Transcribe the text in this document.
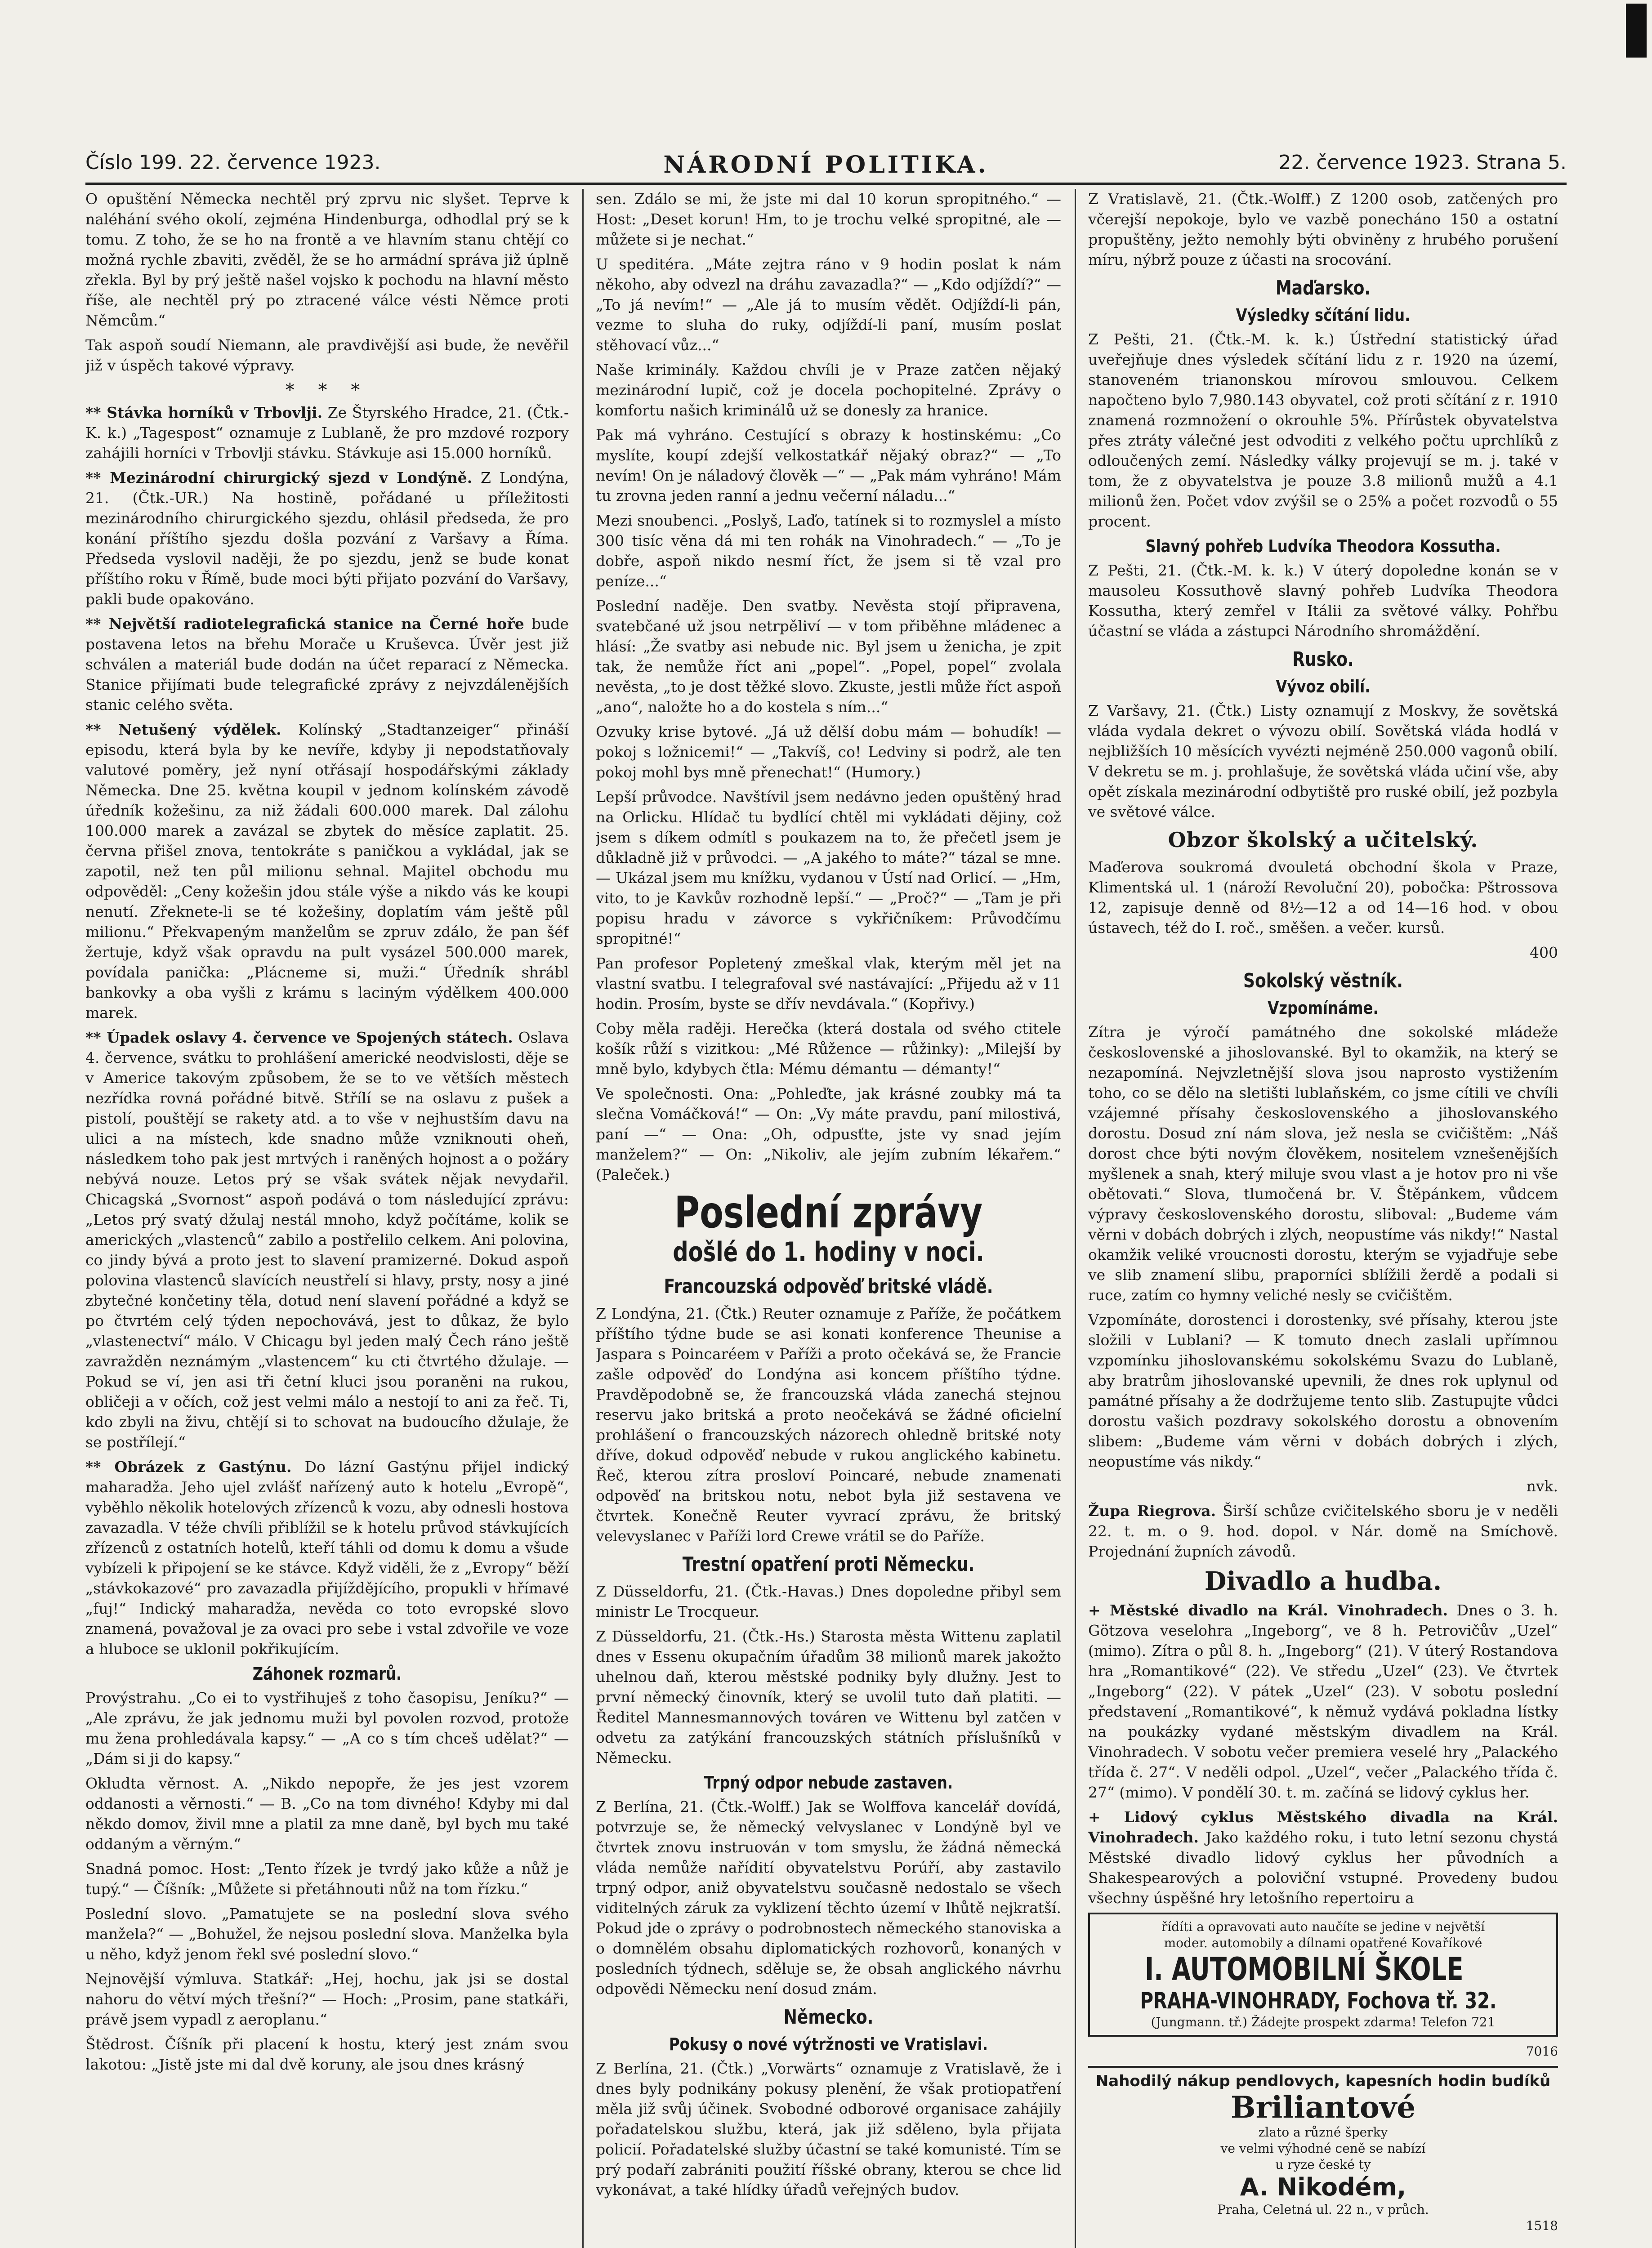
Číslo 199. 22. července 1923.	NÁRODNÍ POLITIKA.	22. července 1923. Strana 5.

O opuštění Německa nechtěl prý zprvu nic slyšet. Teprve k naléhání svého okolí, zejména Hindenburga, odhodlal prý se k tomu. Z toho, že se ho na frontě a ve hlavním stanu chtějí co možná rychle zbaviti, zvěděl, že se ho armádní správa již úplně zřekla. Byl by prý ještě našel vojsko k pochodu na hlavní město říše, ale nechtěl prý po ztracené válce vésti Němce proti Němcům.“

Tak aspoň soudí Niemann, ale pravdivější asi bude, že nevěřil již v úspěch takové výpravy.

* * *

** Stávka horníků v Trbovlji. Ze Štyrského Hradce, 21. (Čtk.-K. k.) „Tagespost“ oznamuje z Lublaně, že pro mzdové rozpory zahájili horníci v Trbovlji stávku. Stávkuje asi 15.000 horníků.

** Mezinárodní chirurgický sjezd v Londýně. Z Londýna, 21. (Čtk.-UR.) Na hostině, pořádané u příležitosti mezinárodního chirurgického sjezdu, ohlásil předseda, že pro konání příštího sjezdu došla pozvání z Varšavy a Říma. Předseda vyslovil naději, že po sjezdu, jenž se bude konat příštího roku v Římě, bude moci býti přijato pozvání do Varšavy, pakli bude opakováno.

** Největší radiotelegrafická stanice na Černé hoře bude postavena letos na břehu Morače u Kruševca. Úvěr jest již schválen a materiál bude dodán na účet reparací z Německa. Stanice přijímati bude telegrafické zprávy z nejvzdálenějších stanic celého světa.

** Netušený výdělek. Kolínský „Stadtanzeiger“ přináší episodu, která byla by ke nevíře, kdyby ji nepodstatňovaly valutové poměry, jež nyní otřásají hospodářskými základy Německa. Dne 25. května koupil v jednom kolínském závodě úředník kožešinu, za niž žádali 600.000 marek. Dal zálohu 100.000 marek a zavázal se zbytek do měsíce zaplatit. 25. června přišel znova, tentokráte s paničkou a vykládal, jak se zapotil, než ten půl milionu sehnal. Majitel obchodu mu odpověděl: „Ceny kožešin jdou stále výše a nikdo vás ke koupi nenutí. Zřeknete-li se té kožešiny, doplatím vám ještě půl milionu.“ Překvapeným manželům se zpruv zdálo, že pan šéf žertuje, když však opravdu na pult vysázel 500.000 marek, povídala panička: „Plácneme si, muži.“ Úředník shrábl bankovky a oba vyšli z krámu s laciným výdělkem 400.000 marek.

** Úpadek oslavy 4. července ve Spojených státech. Oslava 4. července, svátku to prohlášení americké neodvislosti, děje se v Americe takovým způsobem, že se to ve větších městech nezřídka rovná pořádné bitvě. Střílí se na oslavu z pušek a pistolí, pouštějí se rakety atd. a to vše v nejhustším davu na ulici a na místech, kde snadno může vzniknouti oheň, následkem toho pak jest mrtvých i raněných hojnost a o požáry nebývá nouze. Letos prý se však svátek nějak nevydařil. Chicagská „Svornost“ aspoň podává o tom následující zprávu: „Letos prý svatý džulaj nestál mnoho, když počítáme, kolik se amerických „vlastenců“ zabilo a postřelilo celkem. Ani polovina, co jindy bývá a proto jest to slavení pramizerné. Dokud aspoň polovina vlastenců slavících neustřelí si hlavy, prsty, nosy a jiné zbytečné končetiny těla, dotud není slavení pořádné a když se po čtvrtém celý týden nepochovává, jest to důkaz, že bylo „vlastenectví“ málo. V Chicagu byl jeden malý Čech ráno ještě zavražděn neznámým „vlastencem“ ku cti čtvrtého džulaje. — Pokud se ví, jen asi tři četní kluci jsou poraněni na rukou, obličeji a v očích, což jest velmi málo a nestojí to ani za řeč. Ti, kdo zbyli na živu, chtějí si to schovat na budoucího džulaje, že se postřílejí.“

** Obrázek z Gastýnu. Do lázní Gastýnu přijel indický maharadža. Jeho ujel zvlášť nařízený auto k hotelu „Evropě“, vyběhlo několik hotelových zřízenců k vozu, aby odnesli hostova zavazadla. V téže chvíli přiblížil se k hotelu průvod stávkujících zřízenců z ostatních hotelů, kteří táhli od domu k domu a všude vybízeli k připojení se ke stávce. Když viděli, že z „Evropy“ běží „stávkokazové“ pro zavazadla přijíždějícího, propukli v hřímavé „fuj!“ Indický maharadža, nevěda co toto evropské slovo znamená, považoval je za ovaci pro sebe i vstal zdvořile ve voze a hluboce se uklonil pokřikujícím.

Záhonek rozmarů.

Provýstrahu. „Co ei to vystřihuješ z toho časopisu, Jeníku?“ — „Ale zprávu, že jak jednomu muži byl povolen rozvod, protože mu žena prohledávala kapsy.“ — „A co s tím chceš udělat?“ — „Dám si ji do kapsy.“

Okludta věrnost. A. „Nikdo nepopře, že jes jest vzorem oddanosti a věrnosti.“ — B. „Co na tom divného! Kdyby mi dal někdo domov, živil mne a platil za mne daně, byl bych mu také oddaným a věrným.“

Snadná pomoc. Host: „Tento řízek je tvrdý jako kůže a nůž je tupý.“ — Číšník: „Můžete si přetáhnouti nůž na tom řízku.“

Poslední slovo. „Pamatujete se na poslední slova svého manžela?“ — „Bohužel, že nejsou poslední slova. Manželka byla u něho, když jenom řekl své poslední slovo.“

Nejnovější výmluva. Statkář: „Hej, hochu, jak jsi se dostal nahoru do větví mých třešní?“ — Hoch: „Prosim, pane statkáři, právě jsem vypadl z aeroplanu.“

Štědrost. Číšník při placení k hostu, který jest znám svou lakotou: „Jistě jste mi dal dvě koruny, ale jsou dnes krásný

sen. Zdálo se mi, že jste mi dal 10 korun spropitného.“ — Host: „Deset korun! Hm, to je trochu velké spropitné, ale — můžete si je nechat.“

U speditéra. „Máte zejtra ráno v 9 hodin poslat k nám někoho, aby odvezl na dráhu zavazadla?“ — „Kdo odjíždí?“ — „To já nevím!“ — „Ale já to musím vědět. Odjíždí-li pán, vezme to sluha do ruky, odjíždí-li paní, musím poslat stěhovací vůz...“

Naše kriminály. Každou chvíli je v Praze zatčen nějaký mezinárodní lupič, což je docela pochopitelné. Zprávy o komfortu našich kriminálů už se donesly za hranice.

Pak má vyhráno. Cestující s obrazy k hostinskému: „Co myslíte, koupí zdejší velkostatkář nějaký obraz?“ — „To nevím! On je náladový člověk —“ — „Pak mám vyhráno! Mám tu zrovna jeden ranní a jednu večerní náladu...“

Mezi snoubenci. „Poslyš, Laďo, tatínek si to rozmyslel a místo 300 tisíc věna dá mi ten rohák na Vinohradech.“ — „To je dobře, aspoň nikdo nesmí říct, že jsem si tě vzal pro peníze...“

Poslední naděje. Den svatby. Nevěsta stojí připravena, svatebčané už jsou netrpěliví — v tom přiběhne mládenec a hlásí: „Že svatby asi nebude nic. Byl jsem u ženicha, je zpit tak, že nemůže říct ani „popel“. „Popel, popel“ zvolala nevěsta, „to je dost těžké slovo. Zkuste, jestli může říct aspoň „ano“, naložte ho a do kostela s ním...“

Ozvuky krise bytové. „Já už dělší dobu mám — bohudík! — pokoj s ložnicemi!“ — „Takvíš, co! Ledviny si podrž, ale ten pokoj mohl bys mně přenechat!“ (Humory.)

Lepší průvodce. Navštívil jsem nedávno jeden opuštěný hrad na Orlicku. Hlídač tu bydlící chtěl mi vykládati dějiny, což jsem s díkem odmítl s poukazem na to, že přečetl jsem je důkladně již v průvodci. — „A jakého to máte?“ tázal se mne. — Ukázal jsem mu knížku, vydanou v Ústí nad Orlicí. — „Hm, vito, to je Kavkův rozhodně lepší.“ — „Proč?“ — „Tam je při popisu hradu v závorce s vykřičníkem: Průvodčímu spropitné!“

Pan profesor Popletený zmeškal vlak, kterým měl jet na vlastní svatbu. I telegrafoval své nastávající: „Přijedu až v 11 hodin. Prosím, byste se dřív nevdávala.“ (Kopřivy.)

Coby měla raději. Herečka (která dostala od svého ctitele košík růží s vizitkou: „Mé Růžence — růžinky): „Milejší by mně bylo, kdybych čtla: Mému démantu — démanty!“

Ve společnosti. Ona: „Pohleďte, jak krásné zoubky má ta slečna Vomáčková!“ — On: „Vy máte pravdu, paní milostivá, paní —“ — Ona: „Oh, odpusťte, jste vy snad jejím manželem?“ — On: „Nikoliv, ale jejím zubním lékařem.“ (Paleček.)

Poslední zprávy
došlé do 1. hodiny v noci.
Francouzská odpověď britské vládě.

Z Londýna, 21. (Čtk.) Reuter oznamuje z Paříže, že počátkem příštího týdne bude se asi konati konference Theunise a Jaspara s Poincaréem v Paříži a proto očekává se, že Francie zašle odpověď do Londýna asi koncem příštího týdne. Pravděpodobně se, že francouzská vláda zanechá stejnou reservu jako britská a proto neočekává se žádné oficielní prohlášení o francouzských názorech ohledně britské noty dříve, dokud odpověď nebude v rukou anglického kabinetu. Řeč, kterou zítra prosloví Poincaré, nebude znamenati odpověď na britskou notu, nebot byla již sestavena ve čtvrtek. Konečně Reuter vyvrací zprávu, že britský velevyslanec v Paříži lord Crewe vrátil se do Paříže.

Trestní opatření proti Německu.

Z Düsseldorfu, 21. (Čtk.-Havas.) Dnes dopoledne přibyl sem ministr Le Trocqueur.

Z Düsseldorfu, 21. (Čtk.-Hs.) Starosta města Wittenu zaplatil dnes v Essenu okupačním úřadům 38 milionů marek jakožto uhelnou daň, kterou městské podniky byly dlužny. Jest to první německý činovník, který se uvolil tuto daň platiti. — Ředitel Mannesmannových továren ve Wittenu byl zatčen v odvetu za zatýkání francouzských státních příslušníků v Německu.

Trpný odpor nebude zastaven.

Z Berlína, 21. (Čtk.-Wolff.) Jak se Wolffova kancelář dovídá, potvrzuje se, že německý velvyslanec v Londýně byl ve čtvrtek znovu instruován v tom smyslu, že žádná německá vláda nemůže nařídití obyvatelstvu Porúří, aby zastavilo trpný odpor, aniž obyvatelstvu současně nedostalo se všech viditelných záruk za vyklizení těchto území v lhůtě nejkratší. Pokud jde o zprávy o podrobnostech německého stanoviska a o domnělém obsahu diplomatických rozhovorů, konaných v posledních týdnech, sděluje se, že obsah anglického návrhu odpovědi Německu není dosud znám.

Německo.
Pokusy o nové výtržnosti ve Vratislavi.

Z Berlína, 21. (Čtk.) „Vorwärts“ oznamuje z Vratislavě, že i dnes byly podnikány pokusy plenění, že však protiopatření měla již svůj účinek. Svobodné odborové organisace zahájily pořadatelskou službu, která, jak již sděleno, byla přijata policií. Pořadatelské služby účastní se také komunisté. Tím se prý podaří zabrániti použití říšské obrany, kterou se chce lid vykonávat, a také hlídky úřadů veřejných budov.

Z Vratislavě, 21. (Čtk.-Wolff.) Z 1200 osob, zatčených pro včerejší nepokoje, bylo ve vazbě ponecháno 150 a ostatní propuštěny, ježto nemohly býti obviněny z hrubého porušení míru, nýbrž pouze z účasti na srocování.

Maďarsko.
Výsledky sčítání lidu.

Z Pešti, 21. (Čtk.-M. k. k.) Ústřední statistický úřad uveřejňuje dnes výsledek sčítání lidu z r. 1920 na území, stanoveném trianonskou mírovou smlouvou. Celkem napočteno bylo 7,980.143 obyvatel, což proti sčítání z r. 1910 znamená rozmnožení o okrouhle 5%. Přírůstek obyvatelstva přes ztráty válečné jest odvoditi z velkého počtu uprchlíků z odloučených zemí. Následky války projevují se m. j. také v tom, že z obyvatelstva je pouze 3.8 milionů mužů a 4.1 milionů žen. Počet vdov zvýšil se o 25% a počet rozvodů o 55 procent.

Slavný pohřeb Ludvíka Theodora Kossutha.

Z Pešti, 21. (Čtk.-M. k. k.) V úterý dopoledne konán se v mausoleu Kossuthově slavný pohřeb Ludvíka Theodora Kossutha, který zemřel v Itálii za světové války. Pohřbu účastní se vláda a zástupci Národního shromáždění.

Rusko.
Vývoz obilí.

Z Varšavy, 21. (Čtk.) Listy oznamují z Moskvy, že sovětská vláda vydala dekret o vývozu obilí. Sovětská vláda hodlá v nejbližších 10 měsících vyvézti nejméně 250.000 vagonů obilí. V dekretu se m. j. prohlašuje, že sovětská vláda učiní vše, aby opět získala mezinárodní odbytiště pro ruské obilí, jež pozbyla ve světové válce.

Obzor školský a učitelský.

Maďerova soukromá dvouletá obchodní škola v Praze, Klimentská ul. 1 (nároží Revoluční 20), pobočka: Pštrossova 12, zapisuje denně od 8½—12 a od 14—16 hod. v obou ústavech, též do I. roč., směšen. a večer. kursů.

400

Sokolský věstník.
Vzpomínáme.

Zítra je výročí památného dne sokolské mládeže československé a jihoslovanské. Byl to okamžik, na který se nezapomíná. Nejvzletnější slova jsou naprosto vystižením toho, co se dělo na sletišti lublaňském, co jsme cítili ve chvíli vzájemné přísahy československého a jihoslovanského dorostu. Dosud zní nám slova, jež nesla se cvičištěm: „Náš dorost chce býti novým člověkem, nositelem vznešenějších myšlenek a snah, který miluje svou vlast a je hotov pro ni vše obětovati.“ Slova, tlumočená br. V. Štěpánkem, vůdcem výpravy československého dorostu, sliboval: „Budeme vám věrni v dobách dobrých i zlých, neopustíme vás nikdy!“ Nastal okamžik veliké vroucnosti dorostu, kterým se vyjadřuje sebe ve slib znamení slibu, praporníci sblížili žerdě a podali si ruce, zatím co hymny veliché nesly se cvičištěm.

Vzpomínáte, dorostenci i dorostenky, své přísahy, kterou jste složili v Lublani? — K tomuto dnech zaslali upřímnou vzpomínku jihoslovanskému sokolskému Svazu do Lublaně, aby bratrům jihoslovanské upevnili, že dnes rok uplynul od památné přísahy a že dodržujeme tento slib. Zastupujte vůdci dorostu vašich pozdravy sokolského dorostu a obnovením slibem: „Budeme vám věrni v dobách dobrých i zlých, neopustíme vás nikdy.“

nvk.

Župa Riegrova. Širší schůze cvičitelského sboru je v neděli 22. t. m. o 9. hod. dopol. v Nár. domě na Smíchově. Projednání župních závodů.

Divadlo a hudba.

+ Městské divadlo na Král. Vinohradech. Dnes o 3. h. Götzova veselohra „Ingeborg“, ve 8 h. Petrovičův „Uzel“ (mimo). Zítra o půl 8. h. „Ingeborg“ (21). V úterý Rostandova hra „Romantikové“ (22). Ve středu „Uzel“ (23). Ve čtvrtek „Ingeborg“ (22). V pátek „Uzel“ (23). V sobotu poslední představení „Romantikové“, k němuž vydává pokladna lístky na poukázky vydané městským divadlem na Král. Vinohradech. V sobotu večer premiera veselé hry „Palackého třída č. 27“. V neděli odpol. „Uzel“, večer „Palackého třída č. 27“ (mimo). V pondělí 30. t. m. začíná se lidový cyklus her.

+ Lidový cyklus Městského divadla na Král. Vinohradech. Jako každého roku, i tuto letní sezonu chystá Městské divadlo lidový cyklus her původních a Shakespearových a poloviční vstupné. Provedeny budou všechny úspěšné hry letošního repertoiru a

řídíti a opravovati auto naučíte se jedine v největší

moder. automobily a dílnami opatřené Kovaříkové

I. AUTOMOBILNÍ ŠKOLE

PRAHA-VINOHRADY, Fochova tř. 32.

(Jungmann. tř.) Žádejte prospekt zdarma! Telefon 721

7016

Nahodilý nákup pendlovych, kapesních hodin budíků
Briliantové
zlato a různé šperky
ve velmi výhodné ceně se nabízí
u ryze české ty
A. Nikodém,
Praha, Celetná ul. 22 n., v průch.
1518
